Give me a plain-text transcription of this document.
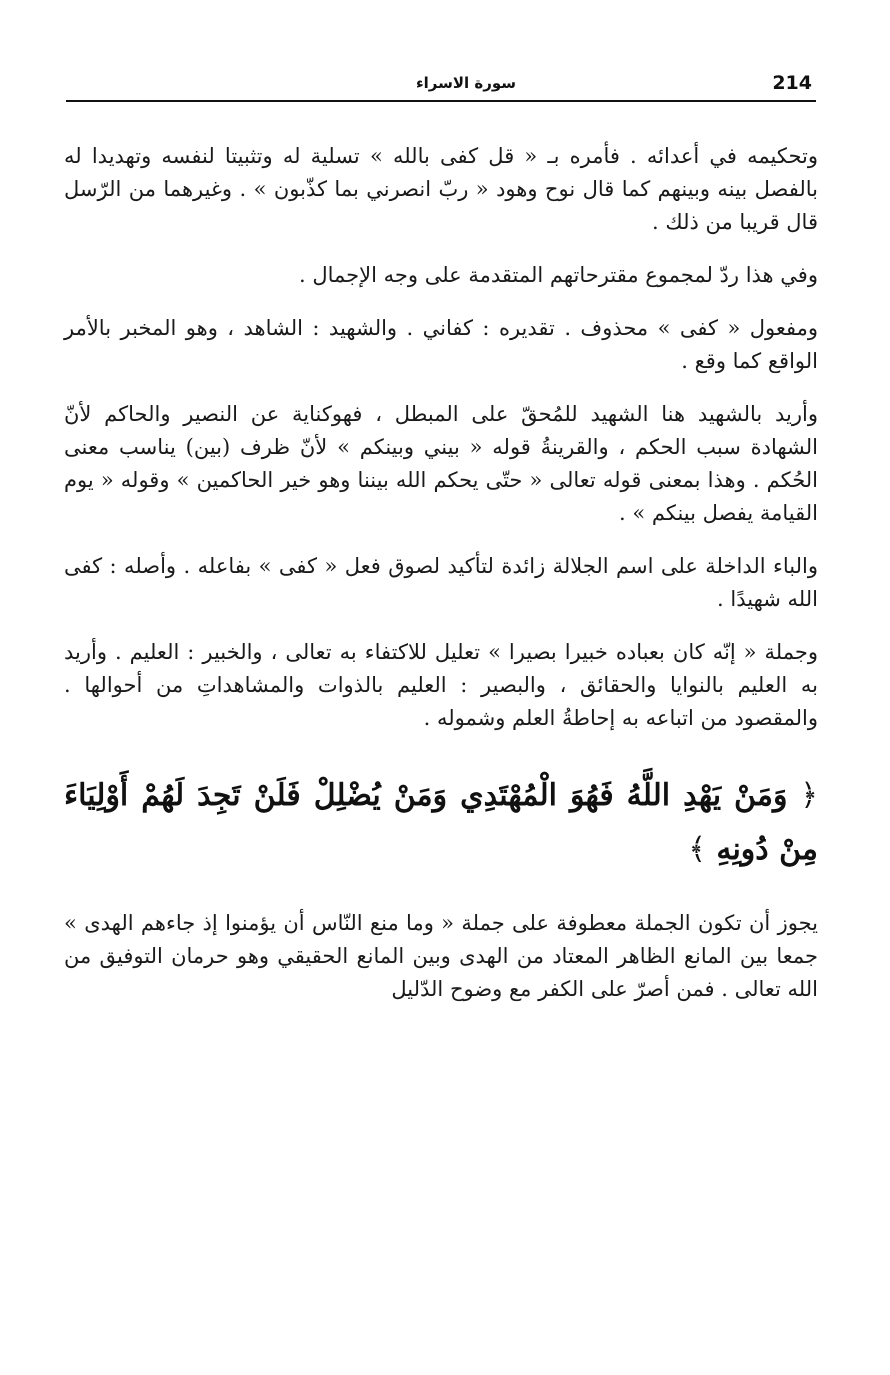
214
سورة الاسراء

وتحكيمه في أعدائه . فأمره بـ « قل كفى بالله » تسلية له وتثبيتا لنفسه وتهديدا له بالفصل بينه وبينهم كما قال نوح وهود « ربّ انصرني بما كذّبون » . وغيرهما من الرّسل قال قريبا من ذلك .

وفي هذا ردّ لمجموع مقترحاتهم المتقدمة على وجه الإجمال .

ومفعول « كفى » محذوف . تقديره : كفاني . والشهيد : الشاهد ، وهو المخبر بالأمر الواقع كما وقع .

وأريد بالشهيد هنا الشهيد للمُحقّ على المبطل ، فهوكناية عن النصير والحاكم لأنّ الشهادة سبب الحكم ، والقرينةُ قوله « بيني وبينكم » لأنّ ظرف (بين) يناسب معنى الحُكم . وهذا بمعنى قوله تعالى « حتّى يحكم الله بيننا وهو خير الحاكمين » وقوله « يوم القيامة يفصل بينكم » .

والباء الداخلة على اسم الجلالة زائدة لتأكيد لصوق فعل « كفى » بفاعله . وأصله : كفى الله شهيدًا .

وجملة « إنّه كان بعباده خبيرا بصيرا » تعليل للاكتفاء به تعالى ، والخبير : العليم . وأريد به العليم بالنوايا والحقائق ، والبصير : العليم بالذوات والمشاهداتِ من أحوالها . والمقصود من اتباعه به إحاطةُ العلم وشموله .

﴿ وَمَنْ يَهْدِ اللَّهُ فَهُوَ الْمُهْتَدِي وَمَنْ يُضْلِلْ فَلَنْ تَجِدَ لَهُمْ أَوْلِيَاءَ مِنْ دُونِهِ ﴾

يجوز أن تكون الجملة معطوفة على جملة « وما منع النّاس أن يؤمنوا إذ جاءهم الهدى » جمعا بين المانع الظاهر المعتاد من الهدى وبين المانع الحقيقي وهو حرمان التوفيق من الله تعالى . فمن أصرّ على الكفر مع وضوح الدّليل
